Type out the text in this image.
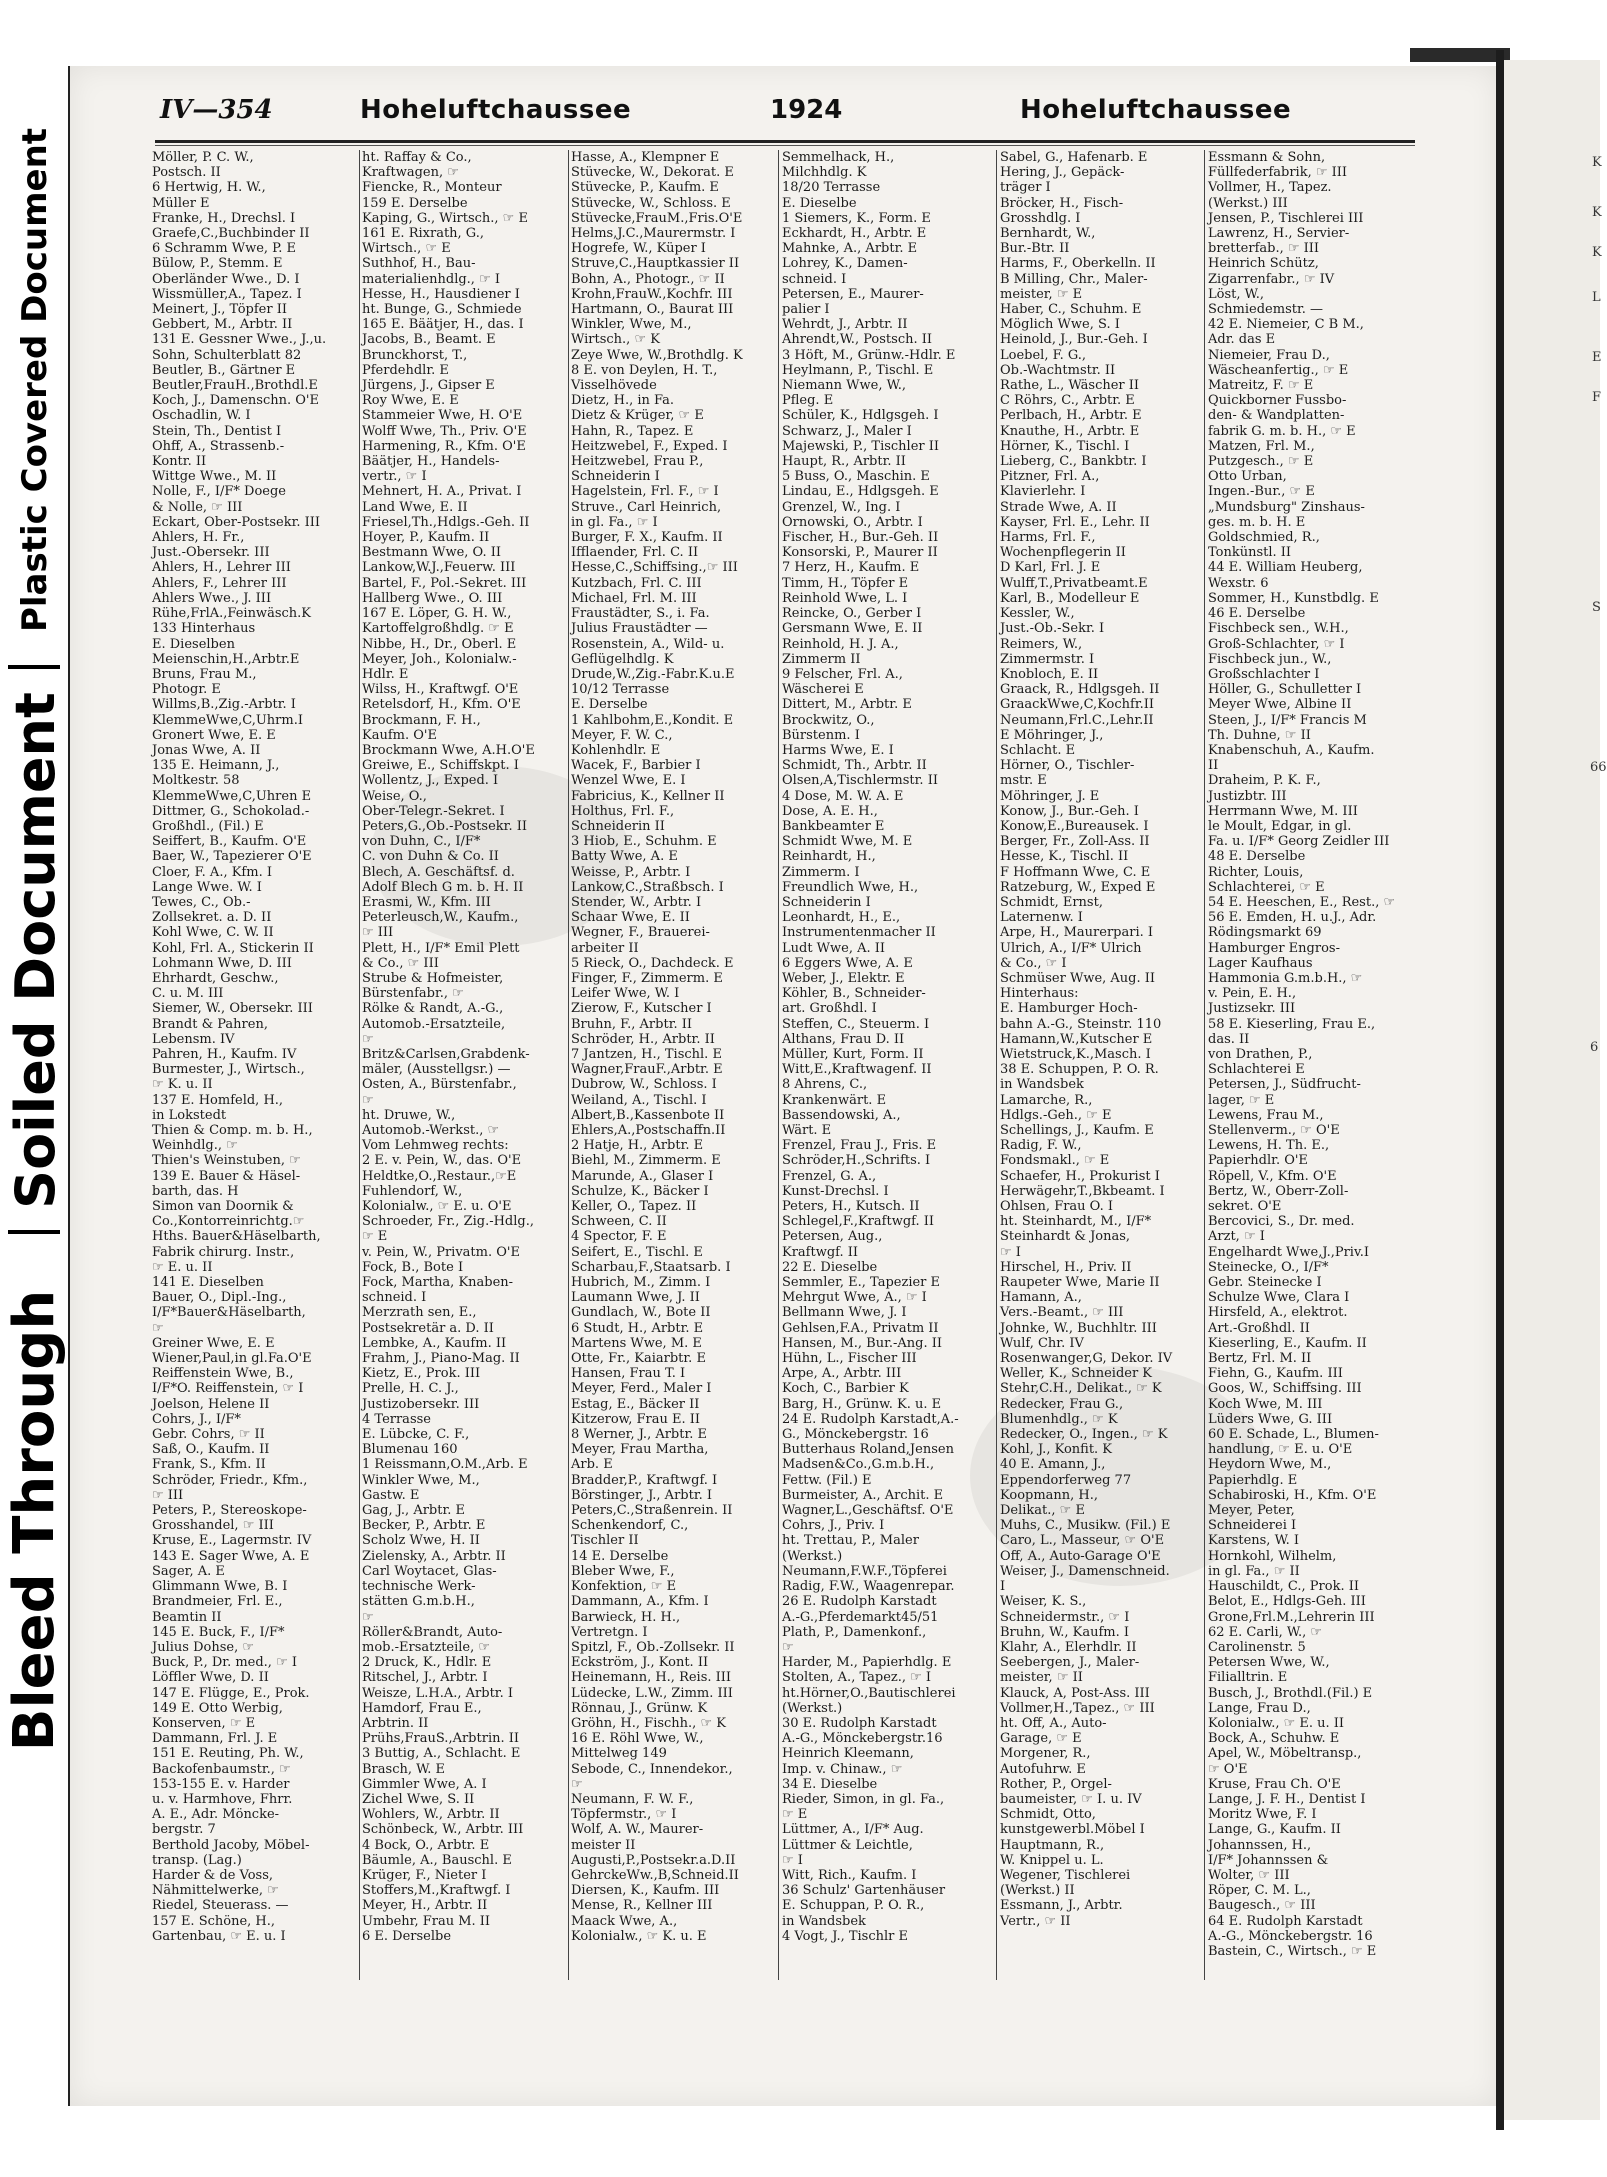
Plastic Covered Document
Soiled Document
Bleed Through
K
K
K
L
E
F
S
66
6
IV—354	Hoheluftchaussee	1924	Hoheluftchaussee
Möller, P. C. W.,
Postsch. II
6 Hertwig, H. W.,
Müller E
Franke, H., Drechsl. I
Graefe,C.,Buchbinder II
6 Schramm Wwe, P. E
Bülow, P., Stemm. E
Oberländer Wwe., D. I
Wissmüller,A., Tapez. I
Meinert, J., Töpfer II
Gebbert, M., Arbtr. II
131 E. Gessner Wwe., J.,u.
Sohn, Schulterblatt 82
Beutler, B., Gärtner E
Beutler,FrauH.,Brothdl.E
Koch, J., Damenschn. O'E
Oschadlin, W. I
Stein, Th., Dentist I
Ohff, A., Strassenb.-
Kontr. II
Wittge Wwe., M. II
Nolle, F., I/F* Doege
& Nolle, ☞ III
Eckart, Ober-Postsekr. III
Ahlers, H. Fr.,
Just.-Obersekr. III
Ahlers, H., Lehrer III
Ahlers, F., Lehrer III
Ahlers Wwe., J. III
Rühe,FrlA.,Feinwäsch.K
133 Hinterhaus
E. Dieselben
Meienschin,H.,Arbtr.E
Bruns, Frau M.,
Photogr. E
Willms,B.,Zig.-Arbtr. I
KlemmeWwe,C,Uhrm.I
Gronert Wwe, E. E
Jonas Wwe, A. II
135 E. Heimann, J.,
Moltkestr. 58
KlemmeWwe,C,Uhren E
Dittmer, G., Schokolad.-
Großhdl., (Fil.) E
Seiffert, B., Kaufm. O'E
Baer, W., Tapezierer O'E
Cloer, F. A., Kfm. I
Lange Wwe. W. I
Tewes, C., Ob.-
Zollsekret. a. D. II
Kohl Wwe, C. W. II
Kohl, Frl. A., Stickerin II
Lohmann Wwe, D. III
Ehrhardt, Geschw.,
C. u. M. III
Siemer, W., Obersekr. III
Brandt & Pahren,
Lebensm. IV
Pahren, H., Kaufm. IV
Burmester, J., Wirtsch.,
☞ K. u. II
137 E. Homfeld, H.,
in Lokstedt
Thien & Comp. m. b. H.,
Weinhdlg., ☞
Thien's Weinstuben, ☞
139 E. Bauer & Häsel-
barth, das. H
Simon van Doornik &
Co.,Kontorreinrichtg.☞
Hths. Bauer&Häselbarth,
Fabrik chirurg. Instr.,
☞ E. u. II
141 E. Dieselben
Bauer, O., Dipl.-Ing.,
I/F*Bauer&Häselbarth,
☞
Greiner Wwe, E. E
Wiener,Paul,in gl.Fa.O'E
Reiffenstein Wwe, B.,
I/F*O. Reiffenstein, ☞ I
Joelson, Helene II
Cohrs, J., I/F*
Gebr. Cohrs, ☞ II
Saß, O., Kaufm. II
Frank, S., Kfm. II
Schröder, Friedr., Kfm.,
☞ III
Peters, P., Stereoskope-
Grosshandel, ☞ III
Kruse, E., Lagermstr. IV
143 E. Sager Wwe, A. E
Sager, A. E
Glimmann Wwe, B. I
Brandmeier, Frl. E.,
Beamtin II
145 E. Buck, F., I/F*
Julius Dohse, ☞
Buck, P., Dr. med., ☞ I
Löffler Wwe, D. II
147 E. Flügge, E., Prok.
149 E. Otto Werbig,
Konserven, ☞ E
Dammann, Frl. J. E
151 E. Reuting, Ph. W.,
Backofenbaumstr., ☞
153-155 E. v. Harder
u. v. Harmhove, Fhrr.
A. E., Adr. Möncke-
bergstr. 7
Berthold Jacoby, Möbel-
transp. (Lag.)
Harder & de Voss,
Nähmittelwerke, ☞
Riedel, Steuerass. —
157 E. Schöne, H.,
Gartenbau, ☞ E. u. I
ht. Raffay & Co.,
Kraftwagen, ☞
Fiencke, R., Monteur
159 E. Derselbe
Kaping, G., Wirtsch., ☞ E
161 E. Rixrath, G.,
Wirtsch., ☞ E
Suthhof, H., Bau-
materialienhdlg., ☞ I
Hesse, H., Hausdiener I
ht. Bunge, G., Schmiede
165 E. Bäätjer, H., das. I
Jacobs, B., Beamt. E
Brunckhorst, T.,
Pferdehdlr. E
Jürgens, J., Gipser E
Roy Wwe, E. E
Stammeier Wwe, H. O'E
Wolff Wwe, Th., Priv. O'E
Harmening, R., Kfm. O'E
Bäätjer, H., Handels-
vertr., ☞ I
Mehnert, H. A., Privat. I
Land Wwe, E. II
Friesel,Th.,Hdlgs.-Geh. II
Hoyer, P., Kaufm. II
Bestmann Wwe, O. II
Lankow,W.J.,Feuerw. III
Bartel, F., Pol.-Sekret. III
Hallberg Wwe., O. III
167 E. Löper, G. H. W.,
Kartoffelgroßhdlg. ☞ E
Nibbe, H., Dr., Oberl. E
Meyer, Joh., Kolonialw.-
Hdlr. E
Wilss, H., Kraftwgf. O'E
Retelsdorf, H., Kfm. O'E
Brockmann, F. H.,
Kaufm. O'E
Brockmann Wwe, A.H.O'E
Greiwe, E., Schiffskpt. I
Wollentz, J., Exped. I
Weise, O.,
Ober-Telegr.-Sekret. I
Peters,G.,Ob.-Postsekr. II
von Duhn, C., I/F*
C. von Duhn & Co. II
Blech, A. Geschäftsf. d.
Adolf Blech G m. b. H. II
Erasmi, W., Kfm. III
Peterleusch,W., Kaufm.,
☞ III
Plett, H., I/F* Emil Plett
& Co., ☞ III
Strube & Hofmeister,
Bürstenfabr., ☞
Rölke & Randt, A.-G.,
Automob.-Ersatzteile,
☞
Britz&Carlsen,Grabdenk-
mäler, (Ausstellgsr.) —
Osten, A., Bürstenfabr.,
☞
ht. Druwe, W.,
Automob.-Werkst., ☞
Vom Lehmweg rechts:
2 E. v. Pein, W., das. O'E
Heldtke,O.,Restaur.,☞E
Fuhlendorf, W.,
Kolonialw., ☞ E. u. O'E
Schroeder, Fr., Zig.-Hdlg.,
☞ E
v. Pein, W., Privatm. O'E
Fock, B., Bote I
Fock, Martha, Knaben-
schneid. I
Merzrath sen, E.,
Postsekretär a. D. II
Lembke, A., Kaufm. II
Frahm, J., Piano-Mag. II
Kietz, E., Prok. III
Prelle, H. C. J.,
Justizobersekr. III
4 Terrasse
E. Lübcke, C. F.,
Blumenau 160
1 Reissmann,O.M.,Arb. E
Winkler Wwe, M.,
Gastw. E
Gag, J., Arbtr. E
Becker, P., Arbtr. E
Scholz Wwe, H. II
Zielensky, A., Arbtr. II
Carl Woytacet, Glas-
technische Werk-
stätten G.m.b.H.,
☞
Röller&Brandt, Auto-
mob.-Ersatzteile, ☞
2 Druck, K., Hdlr. E
Ritschel, J., Arbtr. I
Weisze, L.H.A., Arbtr. I
Hamdorf, Frau E.,
Arbtrin. II
Prühs,FrauS.,Arbtrin. II
3 Buttig, A., Schlacht. E
Brasch, W. E
Gimmler Wwe, A. I
Zichel Wwe, S. II
Wohlers, W., Arbtr. II
Schönbeck, W., Arbtr. III
4 Bock, O., Arbtr. E
Bäumle, A., Bauschl. E
Krüger, F., Nieter I
Stoffers,M.,Kraftwgf. I
Meyer, H., Arbtr. II
Umbehr, Frau M. II
6 E. Derselbe
Hasse, A., Klempner E
Stüvecke, W., Dekorat. E
Stüvecke, P., Kaufm. E
Stüvecke, W., Schloss. E
Stüvecke,FrauM.,Fris.O'E
Helms,J.C.,Maurermstr. I
Hogrefe, W., Küper I
Struve,C.,Hauptkassier II
Bohn, A., Photogr., ☞ II
Krohn,FrauW.,Kochfr. III
Hartmann, O., Baurat III
Winkler, Wwe, M.,
Wirtsch., ☞ K
Zeye Wwe, W.,Brothdlg. K
8 E. von Deylen, H. T.,
Visselhövede
Dietz, H., in Fa.
Dietz & Krüger, ☞ E
Hahn, R., Tapez. E
Heitzwebel, F., Exped. I
Heitzwebel, Frau P.,
Schneiderin I
Hagelstein, Frl. F., ☞ I
Struve., Carl Heinrich,
in gl. Fa., ☞ I
Burger, F. X., Kaufm. II
Ifflaender, Frl. C. II
Hesse,C.,Schiffsing.,☞ III
Kutzbach, Frl. C. III
Michael, Frl. M. III
Fraustädter, S., i. Fa.
Julius Fraustädter —
Rosenstein, A., Wild- u.
Geflügelhdlg. K
Drude,W.,Zig.-Fabr.K.u.E
10/12 Terrasse
E. Derselbe
1 Kahlbohm,E.,Kondit. E
Meyer, F. W. C.,
Kohlenhdlr. E
Wacek, F., Barbier I
Wenzel Wwe, E. I
Fabricius, K., Kellner II
Holthus, Frl. F.,
Schneiderin II
3 Hiob, E., Schuhm. E
Batty Wwe, A. E
Weisse, P., Arbtr. I
Lankow,C.,Straßbsch. I
Stender, W., Arbtr. I
Schaar Wwe, E. II
Wegner, F., Brauerei-
arbeiter II
5 Rieck, O., Dachdeck. E
Finger, F., Zimmerm. E
Leifer Wwe, W. I
Zierow, F., Kutscher I
Bruhn, F., Arbtr. II
Schröder, H., Arbtr. II
7 Jantzen, H., Tischl. E
Wagner,FrauF.,Arbtr. E
Dubrow, W., Schloss. I
Weiland, A., Tischl. I
Albert,B.,Kassenbote II
Ehlers,A.,Postschaffn.II
2 Hatje, H., Arbtr. E
Biehl, M., Zimmerm. E
Marunde, A., Glaser I
Schulze, K., Bäcker I
Keller, O., Tapez. II
Schween, C. II
4 Spector, F. E
Seifert, E., Tischl. E
Scharbau,F.,Staatsarb. I
Hubrich, M., Zimm. I
Laumann Wwe, J. II
Gundlach, W., Bote II
6 Studt, H., Arbtr. E
Martens Wwe, M. E
Otte, Fr., Kaiarbtr. E
Hansen, Frau T. I
Meyer, Ferd., Maler I
Estag, E., Bäcker II
Kitzerow, Frau E. II
8 Werner, J., Arbtr. E
Meyer, Frau Martha,
Arb. E
Bradder,P., Kraftwgf. I
Börstinger, J., Arbtr. I
Peters,C.,Straßenrein. II
Schenkendorf, C.,
Tischler II
14 E. Derselbe
Bleber Wwe, F.,
Konfektion, ☞ E
Dammann, A., Kfm. I
Barwieck, H. H.,
Vertretgn. I
Spitzl, F., Ob.-Zollsekr. II
Eckström, J., Kont. II
Heinemann, H., Reis. III
Lüdecke, L.W., Zimm. III
Rönnau, J., Grünw. K
Gröhn, H., Fischh., ☞ K
16 E. Röhl Wwe, W.,
Mittelweg 149
Sebode, C., Innendekor.,
☞
Neumann, F. W. F.,
Töpfermstr., ☞ I
Wolf, A. W., Maurer-
meister II
Augusti,P.,Postsekr.a.D.II
GehrckeWw.,B,Schneid.II
Diersen, K., Kaufm. III
Mense, R., Kellner III
Maack Wwe, A.,
Kolonialw., ☞ K. u. E
Semmelhack, H.,
Milchhdlg. K
18/20 Terrasse
E. Dieselbe
1 Siemers, K., Form. E
Eckhardt, H., Arbtr. E
Mahnke, A., Arbtr. E
Lohrey, K., Damen-
schneid. I
Petersen, E., Maurer-
palier I
Wehrdt, J., Arbtr. II
Ahrendt,W., Postsch. II
3 Höft, M., Grünw.-Hdlr. E
Heylmann, P., Tischl. E
Niemann Wwe, W.,
Pfleg. E
Schüler, K., Hdlgsgeh. I
Schwarz, J., Maler I
Majewski, P., Tischler II
Haupt, R., Arbtr. II
5 Buss, O., Maschin. E
Lindau, E., Hdlgsgeh. E
Grenzel, W., Ing. I
Ornowski, O., Arbtr. I
Fischer, H., Bur.-Geh. II
Konsorski, P., Maurer II
7 Herz, H., Kaufm. E
Timm, H., Töpfer E
Reinhold Wwe, L. I
Reincke, O., Gerber I
Gersmann Wwe, E. II
Reinhold, H. J. A.,
Zimmerm II
9 Felscher, Frl. A.,
Wäscherei E
Dittert, M., Arbtr. E
Brockwitz, O.,
Bürstenm. I
Harms Wwe, E. I
Schmidt, Th., Arbtr. II
Olsen,A,Tischlermstr. II
4 Dose, M. W. A. E
Dose, A. E. H.,
Bankbeamter E
Schmidt Wwe, M. E
Reinhardt, H.,
Zimmerm. I
Freundlich Wwe, H.,
Schneiderin I
Leonhardt, H., E.,
Instrumentenmacher II
Ludt Wwe, A. II
6 Eggers Wwe, A. E
Weber, J., Elektr. E
Köhler, B., Schneider-
art. Großhdl. I
Steffen, C., Steuerm. I
Althans, Frau D. II
Müller, Kurt, Form. II
Witt,E.,Kraftwagenf. II
8 Ahrens, C.,
Krankenwärt. E
Bassendowski, A.,
Wärt. E
Frenzel, Frau J., Fris. E
Schröder,H.,Schrifts. I
Frenzel, G. A.,
Kunst-Drechsl. I
Peters, H., Kutsch. II
Schlegel,F.,Kraftwgf. II
Petersen, Aug.,
Kraftwgf. II
22 E. Dieselbe
Semmler, E., Tapezier E
Mehrgut Wwe, A., ☞ I
Bellmann Wwe, J. I
Gehlsen,F.A., Privatm II
Hansen, M., Bur.-Ang. II
Hühn, L., Fischer III
Arpe, A., Arbtr. III
Koch, C., Barbier K
Barg, H., Grünw. K. u. E
24 E. Rudolph Karstadt,A.-
G., Mönckebergstr. 16
Butterhaus Roland,Jensen
Madsen&Co.,G.m.b.H.,
Fettw. (Fil.) E
Burmeister, A., Archit. E
Wagner,L.,Geschäftsf. O'E
Cohrs, J., Priv. I
ht. Trettau, P., Maler
(Werkst.)
Neumann,F.W.F.,Töpferei
Radig, F.W., Waagenrepar.
26 E. Rudolph Karstadt
A.-G.,Pferdemarkt45/51
Plath, P., Damenkonf.,
☞
Harder, M., Papierhdlg. E
Stolten, A., Tapez., ☞ I
ht.Hörner,O.,Bautischlerei
(Werkst.)
30 E. Rudolph Karstadt
A.-G., Mönckebergstr.16
Heinrich Kleemann,
Imp. v. Chinaw., ☞
34 E. Dieselbe
Rieder, Simon, in gl. Fa.,
☞ E
Lüttmer, A., I/F* Aug.
Lüttmer & Leichtle,
☞ I
Witt, Rich., Kaufm. I
36 Schulz' Gartenhäuser
E. Schuppan, P. O. R.,
in Wandsbek
4 Vogt, J., Tischlr E
Sabel, G., Hafenarb. E
Hering, J., Gepäck-
träger I
Bröcker, H., Fisch-
Grosshdlg. I
Bernhardt, W.,
Bur.-Btr. II
Harms, F., Oberkelln. II
B Milling, Chr., Maler-
meister, ☞ E
Haber, C., Schuhm. E
Möglich Wwe, S. I
Heinold, J., Bur.-Geh. I
Loebel, F. G.,
Ob.-Wachtmstr. II
Rathe, L., Wäscher II
C Röhrs, C., Arbtr. E
Perlbach, H., Arbtr. E
Knauthe, H., Arbtr. E
Hörner, K., Tischl. I
Lieberg, C., Bankbtr. I
Pitzner, Frl. A.,
Klavierlehr. I
Strade Wwe, A. II
Kayser, Frl. E., Lehr. II
Harms, Frl. F.,
Wochenpflegerin II
D Karl, Frl. J. E
Wulff,T.,Privatbeamt.E
Karl, B., Modelleur E
Kessler, W.,
Just.-Ob.-Sekr. I
Reimers, W.,
Zimmermstr. I
Knobloch, E. II
Graack, R., Hdlgsgeh. II
GraackWwe,C,Kochfr.II
Neumann,Frl.C.,Lehr.II
E Möhringer, J.,
Schlacht. E
Hörner, O., Tischler-
mstr. E
Möhringer, J. E
Konow, J., Bur.-Geh. I
Konow,E.,Bureausek. I
Berger, Fr., Zoll-Ass. II
Hesse, K., Tischl. II
F Hoffmann Wwe, C. E
Ratzeburg, W., Exped E
Schmidt, Ernst,
Laternenw. I
Arpe, H., Maurerpari. I
Ulrich, A., I/F* Ulrich
& Co., ☞ I
Schmüser Wwe, Aug. II
Hinterhaus:
E. Hamburger Hoch-
bahn A.-G., Steinstr. 110
Hamann,W.,Kutscher E
Wietstruck,K.,Masch. I
38 E. Schuppen, P. O. R.
in Wandsbek
Lamarche, R.,
Hdlgs.-Geh., ☞ E
Schellings, J., Kaufm. E
Radig, F. W.,
Fondsmakl., ☞ E
Schaefer, H., Prokurist I
Herwägehr,T.,Bkbeamt. I
Ohlsen, Frau O. I
ht. Steinhardt, M., I/F*
Steinhardt & Jonas,
☞ I
Hirschel, H., Priv. II
Raupeter Wwe, Marie II
Hamann, A.,
Vers.-Beamt., ☞ III
Johnke, W., Buchhltr. III
Wulf, Chr. IV
Rosenwanger,G, Dekor. IV
Weller, K., Schneider K
Stehr,C.H., Delikat., ☞ K
Redecker, Frau G.,
Blumenhdlg., ☞ K
Redecker, O., Ingen., ☞ K
Kohl, J., Konfit. K
40 E. Amann, J.,
Eppendorferweg 77
Koopmann, H.,
Delikat., ☞ E
Muhs, C., Musikw. (Fil.) E
Caro, L., Masseur, ☞ O'E
Off, A., Auto-Garage O'E
Weiser, J., Damenschneid.
I
Weiser, K. S.,
Schneidermstr., ☞ I
Bruhn, W., Kaufm. I
Klahr, A., Elerhdlr. II
Seebergen, J., Maler-
meister, ☞ II
Klauck, A, Post-Ass. III
Vollmer,H.,Tapez., ☞ III
ht. Off, A., Auto-
Garage, ☞ E
Morgener, R.,
Autofuhrw. E
Rother, P., Orgel-
baumeister, ☞ I. u. IV
Schmidt, Otto,
kunstgewerbl.Möbel I
Hauptmann, R.,
W. Knippel u. L.
Wegener, Tischlerei
(Werkst.) II
Essmann, J., Arbtr.
Vertr., ☞ II
Essmann & Sohn,
Füllfederfabrik, ☞ III
Vollmer, H., Tapez.
(Werkst.) III
Jensen, P., Tischlerei III
Lawrenz, H., Servier-
bretterfab., ☞ III
Heinrich Schütz,
Zigarrenfabr., ☞ IV
Löst, W.,
Schmiedemstr. —
42 E. Niemeier, C B M.,
Adr. das E
Niemeier, Frau D.,
Wäscheanfertig., ☞ E
Matreitz, F. ☞ E
Quickborner Fussbo-
den- & Wandplatten-
fabrik G. m. b. H., ☞ E
Matzen, Frl. M.,
Putzgesch., ☞ E
Otto Urban,
Ingen.-Bur., ☞ E
„Mundsburg" Zinshaus-
ges. m. b. H. E
Goldschmied, R.,
Tonkünstl. II
44 E. William Heuberg,
Wexstr. 6
Sommer, H., Kunstbdlg. E
46 E. Derselbe
Fischbeck sen., W.H.,
Groß-Schlachter, ☞ I
Fischbeck jun., W.,
Großschlachter I
Höller, G., Schulletter I
Meyer Wwe, Albine II
Steen, J., I/F* Francis M
Th. Duhne, ☞ II
Knabenschuh, A., Kaufm.
II
Draheim, P. K. F.,
Justizbtr. III
Herrmann Wwe, M. III
le Moult, Edgar, in gl.
Fa. u. I/F* Georg Zeidler III
48 E. Derselbe
Richter, Louis,
Schlachterei, ☞ E
54 E. Heeschen, E., Rest., ☞
56 E. Emden, H. u.J., Adr.
Rödingsmarkt 69
Hamburger Engros-
Lager Kaufhaus
Hammonia G.m.b.H., ☞
v. Pein, E. H.,
Justizsekr. III
58 E. Kieserling, Frau E.,
das. II
von Drathen, P.,
Schlachterei E
Petersen, J., Südfrucht-
lager, ☞ E
Lewens, Frau M.,
Stellenverm., ☞ O'E
Lewens, H. Th. E.,
Papierhdlr. O'E
Röpell, V., Kfm. O'E
Bertz, W., Oberr-Zoll-
sekret. O'E
Bercovici, S., Dr. med.
Arzt, ☞ I
Engelhardt Wwe,J.,Priv.I
Steinecke, O., I/F*
Gebr. Steinecke I
Schulze Wwe, Clara I
Hirsfeld, A., elektrot.
Art.-Großhdl. II
Kieserling, E., Kaufm. II
Bertz, Frl. M. II
Fiehn, G., Kaufm. III
Goos, W., Schiffsing. III
Koch Wwe, M. III
Lüders Wwe, G. III
60 E. Schade, L., Blumen-
handlung, ☞ E. u. O'E
Heydorn Wwe, M.,
Papierhdlg. E
Schabiroski, H., Kfm. O'E
Meyer, Peter,
Schneiderei I
Karstens, W. I
Hornkohl, Wilhelm,
in gl. Fa., ☞ II
Hauschildt, C., Prok. II
Belot, E., Hdlgs-Geh. III
Grone,Frl.M.,Lehrerin III
62 E. Carli, W., ☞
Carolinenstr. 5
Petersen Wwe, W.,
Filialltrin. E
Busch, J., Brothdl.(Fil.) E
Lange, Frau D.,
Kolonialw., ☞ E. u. II
Bock, A., Schuhw. E
Apel, W., Möbeltransp.,
☞ O'E
Kruse, Frau Ch. O'E
Lange, J. F. H., Dentist I
Moritz Wwe, F. I
Lange, G., Kaufm. II
Johannssen, H.,
I/F* Johannssen &
Wolter, ☞ III
Röper, C. M. L.,
Baugesch., ☞ III
64 E. Rudolph Karstadt
A.-G., Mönckebergstr. 16
Bastein, C., Wirtsch., ☞ E
